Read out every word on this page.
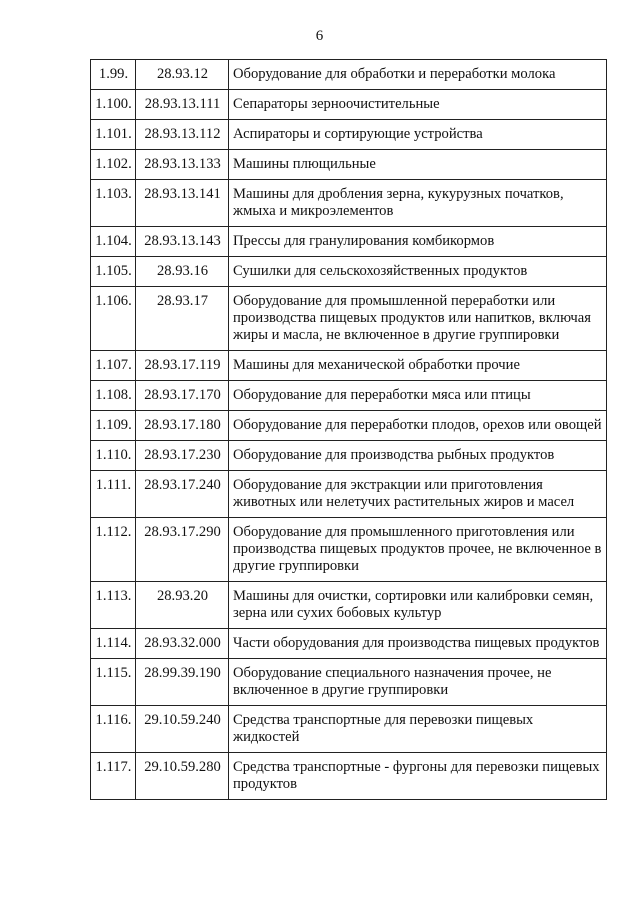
6
1.99.	28.93.12	Оборудование для обработки и переработки молока
1.100.	28.93.13.111	Сепараторы зерноочистительные
1.101.	28.93.13.112	Аспираторы и сортирующие устройства
1.102.	28.93.13.133	Машины плющильные
1.103.	28.93.13.141	Машины для дробления зерна, кукурузных початков, жмыха и микроэлементов
1.104.	28.93.13.143	Прессы для гранулирования комбикормов
1.105.	28.93.16	Сушилки для сельскохозяйственных продуктов
1.106.	28.93.17	Оборудование для промышленной переработки или производства пищевых продуктов или напитков, включая жиры и масла, не включенное в другие группировки
1.107.	28.93.17.119	Машины для механической обработки прочие
1.108.	28.93.17.170	Оборудование для переработки мяса или птицы
1.109.	28.93.17.180	Оборудование для переработки плодов, орехов или овощей
1.110.	28.93.17.230	Оборудование для производства рыбных продуктов
1.111.	28.93.17.240	Оборудование для экстракции или приготовления животных или нелетучих растительных жиров и масел
1.112.	28.93.17.290	Оборудование для промышленного приготовления или производства пищевых продуктов прочее, не включенное в другие группировки
1.113.	28.93.20	Машины для очистки, сортировки или калибровки семян, зерна или сухих бобовых культур
1.114.	28.93.32.000	Части оборудования для производства пищевых продуктов
1.115.	28.99.39.190	Оборудование специального назначения прочее, не включенное в другие группировки
1.116.	29.10.59.240	Средства транспортные для перевозки пищевых жидкостей
1.117.	29.10.59.280	Средства транспортные - фургоны для перевозки пищевых продуктов
